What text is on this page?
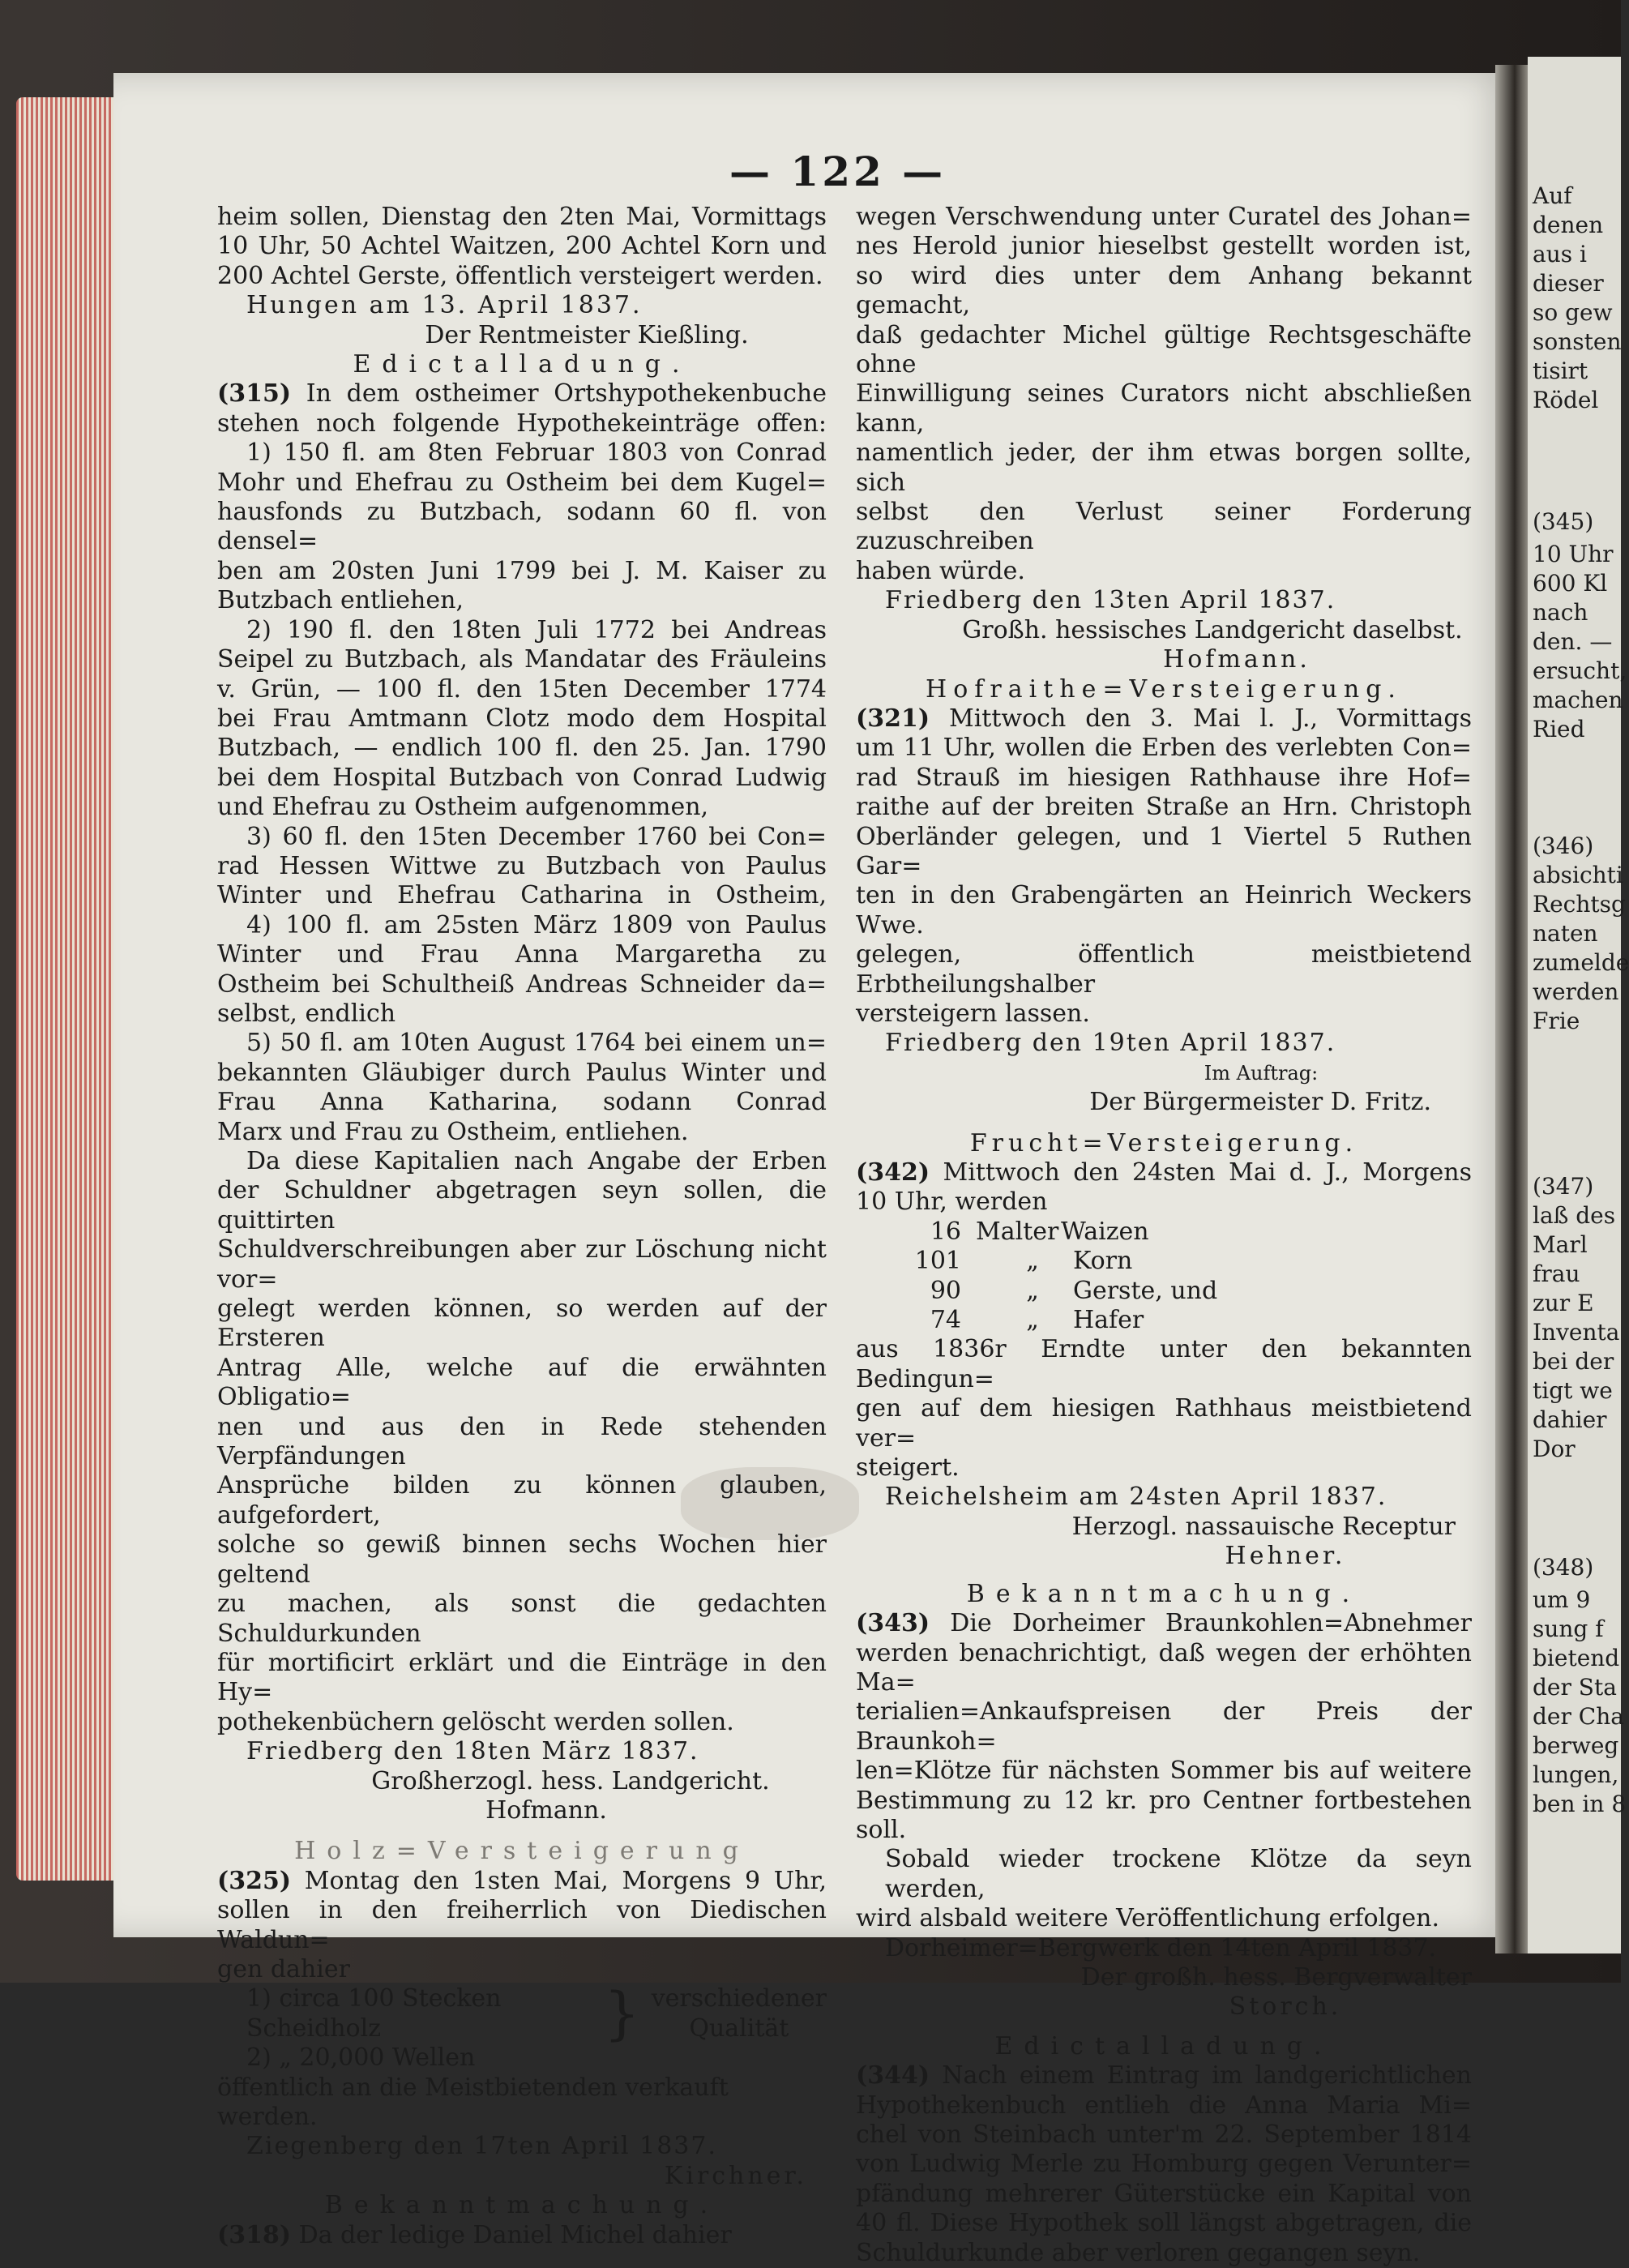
— 122 —

heim sollen, Dienstag den 2ten Mai, Vormittags

10 Uhr, 50 Achtel Waitzen, 200 Achtel Korn und

200 Achtel Gerste, öffentlich versteigert werden.

Hungen am 13. April 1837.

Der Rentmeister Kießling.

Edictalladung.

(315) In dem ostheimer Ortshypothekenbuche

stehen noch folgende Hypothekeinträge offen:

1) 150 fl. am 8ten Februar 1803 von Conrad

Mohr und Ehefrau zu Ostheim bei dem Kugel=

hausfonds zu Butzbach, sodann 60 fl. von densel=

ben am 20sten Juni 1799 bei J. M. Kaiser zu

Butzbach entliehen,

2) 190 fl. den 18ten Juli 1772 bei Andreas

Seipel zu Butzbach, als Mandatar des Fräuleins

v. Grün, — 100 fl. den 15ten December 1774

bei Frau Amtmann Clotz modo dem Hospital

Butzbach, — endlich 100 fl. den 25. Jan. 1790

bei dem Hospital Butzbach von Conrad Ludwig

und Ehefrau zu Ostheim aufgenommen,

3) 60 fl. den 15ten December 1760 bei Con=

rad Hessen Wittwe zu Butzbach von Paulus

Winter und Ehefrau Catharina in Ostheim,

4) 100 fl. am 25sten März 1809 von Paulus

Winter und Frau Anna Margaretha zu

Ostheim bei Schultheiß Andreas Schneider da=

selbst, endlich

5) 50 fl. am 10ten August 1764 bei einem un=

bekannten Gläubiger durch Paulus Winter und

Frau Anna Katharina, sodann Conrad

Marx und Frau zu Ostheim, entliehen.

Da diese Kapitalien nach Angabe der Erben

der Schuldner abgetragen seyn sollen, die quittirten

Schuldverschreibungen aber zur Löschung nicht vor=

gelegt werden können, so werden auf der Ersteren

Antrag Alle, welche auf die erwähnten Obligatio=

nen und aus den in Rede stehenden Verpfändungen

Ansprüche bilden zu können glauben, aufgefordert,

solche so gewiß binnen sechs Wochen hier geltend

zu machen, als sonst die gedachten Schuldurkunden

für mortificirt erklärt und die Einträge in den Hy=

pothekenbüchern gelöscht werden sollen.

Friedberg den 18ten März 1837.

Großherzogl. hess. Landgericht.

Hofmann.

Holz=Versteigerung

(325) Montag den 1sten Mai, Morgens 9 Uhr,

sollen in den freiherrlich von Diedischen Waldun=

gen dahier

1) circa 100 Stecken Scheidholz

2) „ 20,000 Wellen

} verschiedener

Qualität

öffentlich an die Meistbietenden verkauft werden.

Ziegenberg den 17ten April 1837.

Kirchner.

Bekanntmachung.

(318) Da der ledige Daniel Michel dahier

wegen Verschwendung unter Curatel des Johan=

nes Herold junior hieselbst gestellt worden ist,

so wird dies unter dem Anhang bekannt gemacht,

daß gedachter Michel gültige Rechtsgeschäfte ohne

Einwilligung seines Curators nicht abschließen kann,

namentlich jeder, der ihm etwas borgen sollte, sich

selbst den Verlust seiner Forderung zuzuschreiben

haben würde.

Friedberg den 13ten April 1837.

Großh. hessisches Landgericht daselbst.

Hofmann.

Hofraithe=Versteigerung.

(321) Mittwoch den 3. Mai l. J., Vormittags

um 11 Uhr, wollen die Erben des verlebten Con=

rad Strauß im hiesigen Rathhause ihre Hof=

raithe auf der breiten Straße an Hrn. Christoph

Oberländer gelegen, und 1 Viertel 5 Ruthen Gar=

ten in den Grabengärten an Heinrich Weckers Wwe.

gelegen, öffentlich meistbietend Erbtheilungshalber

versteigern lassen.

Friedberg den 19ten April 1837.

Im Auftrag:

Der Bürgermeister D. Fritz.

Frucht=Versteigerung.

(342) Mittwoch den 24sten Mai d. J., Morgens

10 Uhr, werden

16 Malter Waizen
101	„	Korn
90	„	Gerste, und
74	„	Hafer

aus 1836r Erndte unter den bekannten Bedingun=

gen auf dem hiesigen Rathhaus meistbietend ver=

steigert.

Reichelsheim am 24sten April 1837.

Herzogl. nassauische Receptur

Hehner.

Bekanntmachung.

(343) Die Dorheimer Braunkohlen=Abnehmer

werden benachrichtigt, daß wegen der erhöhten Ma=

terialien=Ankaufspreisen der Preis der Braunkoh=

len=Klötze für nächsten Sommer bis auf weitere

Bestimmung zu 12 kr. pro Centner fortbestehen soll.

Sobald wieder trockene Klötze da seyn werden,

wird alsbald weitere Veröffentlichung erfolgen.

Dorheimer=Bergwerk den 14ten April 1837.

Der großh. hess. Bergverwalter

Storch.

Edictalladung.

(344) Nach einem Eintrag im landgerichtlichen

Hypothekenbuch entlieh die Anna Maria Mi=

chel von Steinbach unter'm 22. September 1814

von Ludwig Merle zu Homburg gegen Verunter=

pfändung mehrerer Güterstücke ein Kapital von

40 fl. Diese Hypothek soll längst abgetragen, die

Schuldurkunde aber verloren gegangen seyn.

Auf
denen
aus i
dieser
so gew
sonsten
tisirt
Rödel
(345)
10 Uhr
600 Kl
nach
den. —
ersucht,
machen
Ried
(346)
absichti
Rechtsg
naten
zumelde
werden
Frie
(347)
laß des
Marl
frau
zur E
Inventa
bei der
tigt we
dahier
Dor
(348)
um 9
sung f
bietend
der Sta
der Cha
berweg
lungen,
ben in 8
